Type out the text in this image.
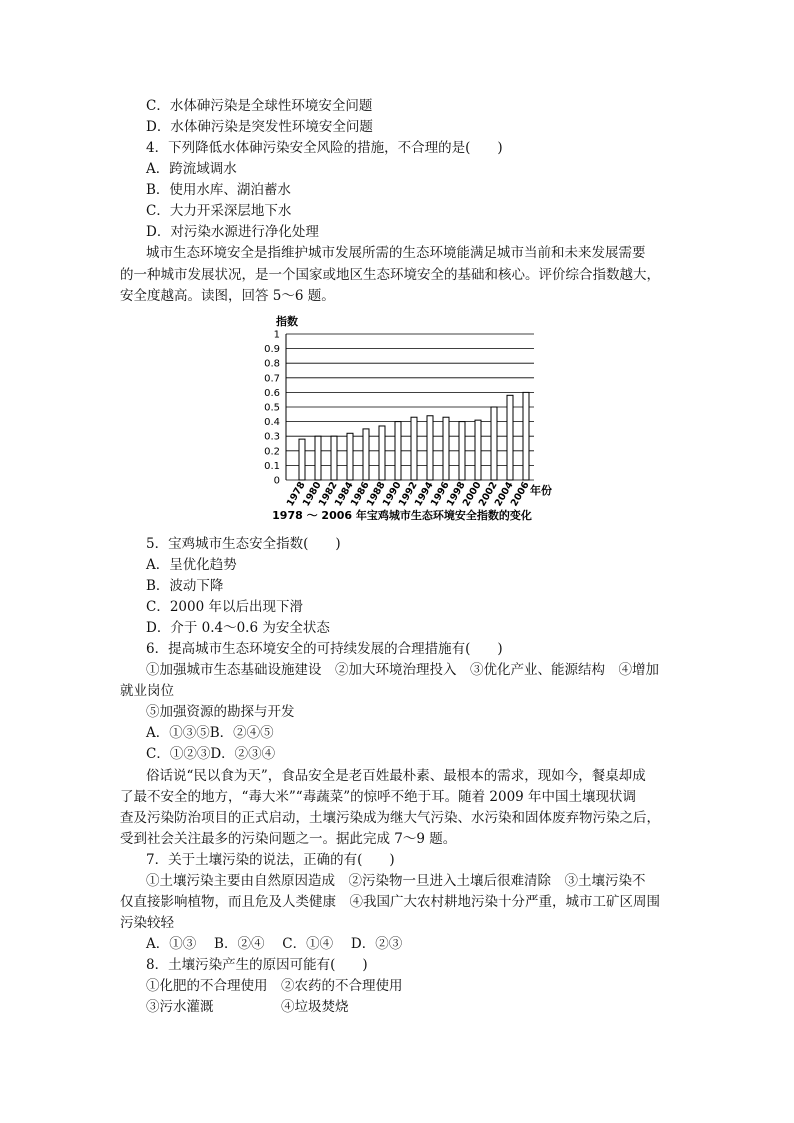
C．水体砷污染是全球性环境安全问题
D．水体砷污染是突发性环境安全问题
4．下列降低水体砷污染安全风险的措施，不合理的是(　　)
A．跨流域调水
B．使用水库、湖泊蓄水
C．大力开采深层地下水
D．对污染水源进行净化处理
城市生态环境安全是指维护城市发展所需的生态环境能满足城市当前和未来发展需要
的一种城市发展状况，是一个国家或地区生态环境安全的基础和核心。评价综合指数越大，
安全度越高。读图，回答 5～6 题。
指数
0
0.1
0.2
0.3
0.4
0.5
0.6
0.7
0.8
0.9
1
1978
1980
1982
1984
1986
1988
1990
1992
1994
1996
1998
2000
2002
2004
2006
年份
1978 ～ 2006 年宝鸡城市生态环境安全指数的变化
5．宝鸡城市生态安全指数(　　)
A．呈优化趋势
B．波动下降
C．2000 年以后出现下滑
D．介于 0.4～0.6 为安全状态
6．提高城市生态环境安全的可持续发展的合理措施有(　　)
①加强城市生态基础设施建设　②加大环境治理投入　③优化产业、能源结构　④增加
就业岗位
⑤加强资源的勘探与开发
A．①③⑤B．②④⑤
C．①②③D．②③④
俗话说“民以食为天”，食品安全是老百姓最朴素、最根本的需求，现如今，餐桌却成
了最不安全的地方，“毒大米”“毒蔬菜”的惊呼不绝于耳。随着 2009 年中国土壤现状调
查及污染防治项目的正式启动，土壤污染成为继大气污染、水污染和固体废弃物污染之后，
受到社会关注最多的污染问题之一。据此完成 7～9 题。
7．关于土壤污染的说法，正确的有(　　)
①土壤污染主要由自然原因造成　②污染物一旦进入土壤后很难清除　③土壤污染不
仅直接影响植物，而且危及人类健康　④我国广大农村耕地污染十分严重，城市工矿区周围
污染较轻
A．①③　 B．②④　 C．①④　 D．②③
8．土壤污染产生的原因可能有(　　)
①化肥的不合理使用　②农药的不合理使用
③污水灌溉　　　　　④垃圾焚烧
